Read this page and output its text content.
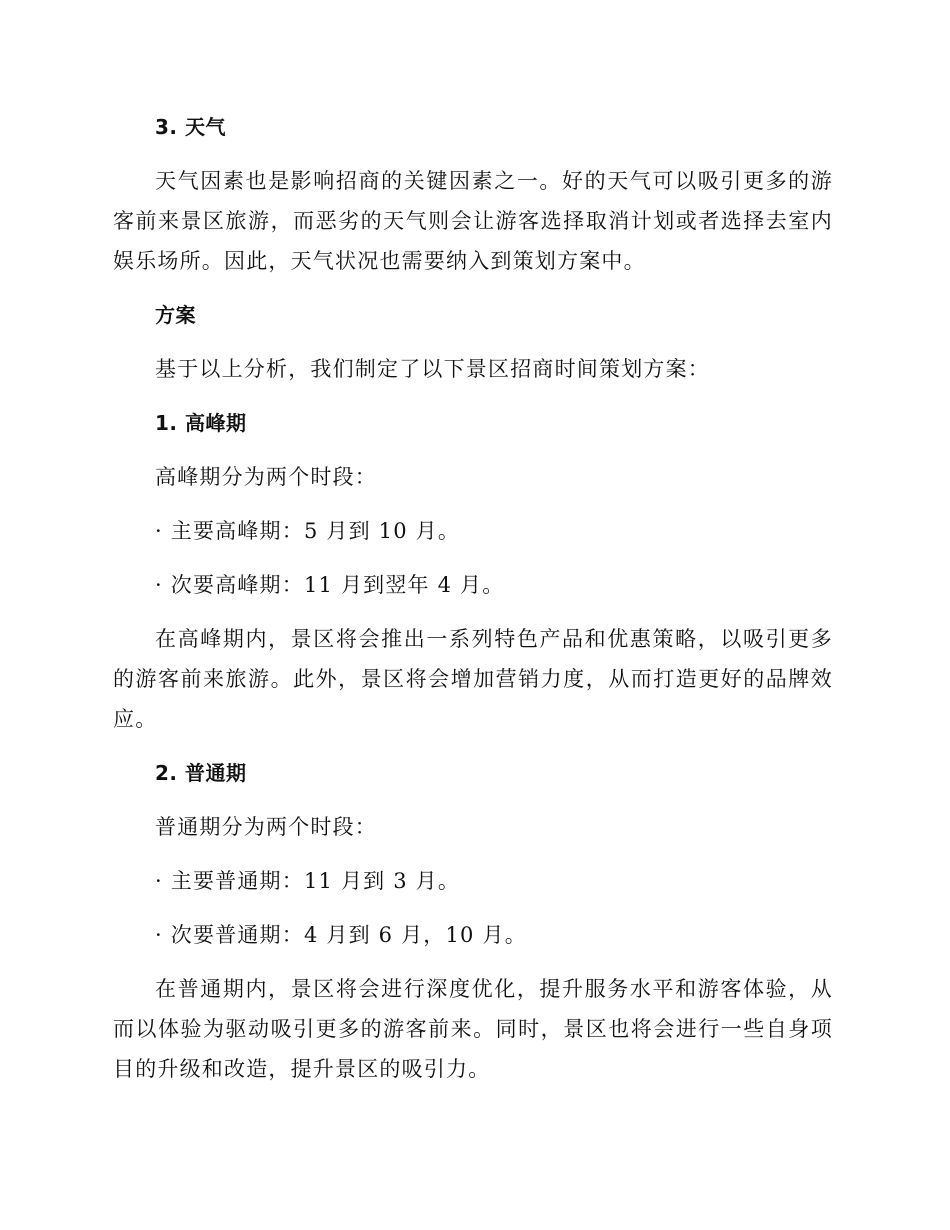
3. 天气
天气因素也是影响招商的关键因素之一。好的天气可以吸引更多的游客前来景区旅游，而恶劣的天气则会让游客选择取消计划或者选择去室内娱乐场所。因此，天气状况也需要纳入到策划方案中。
方案
基于以上分析，我们制定了以下景区招商时间策划方案：
1. 高峰期
高峰期分为两个时段：
· 主要高峰期：5 月到 10 月。
· 次要高峰期：11 月到翌年 4 月。
在高峰期内，景区将会推出一系列特色产品和优惠策略，以吸引更多的游客前来旅游。此外，景区将会增加营销力度，从而打造更好的品牌效应。
2. 普通期
普通期分为两个时段：
· 主要普通期：11 月到 3 月。
· 次要普通期：4 月到 6 月，10 月。
在普通期内，景区将会进行深度优化，提升服务水平和游客体验，从而以体验为驱动吸引更多的游客前来。同时，景区也将会进行一些自身项目的升级和改造，提升景区的吸引力。
